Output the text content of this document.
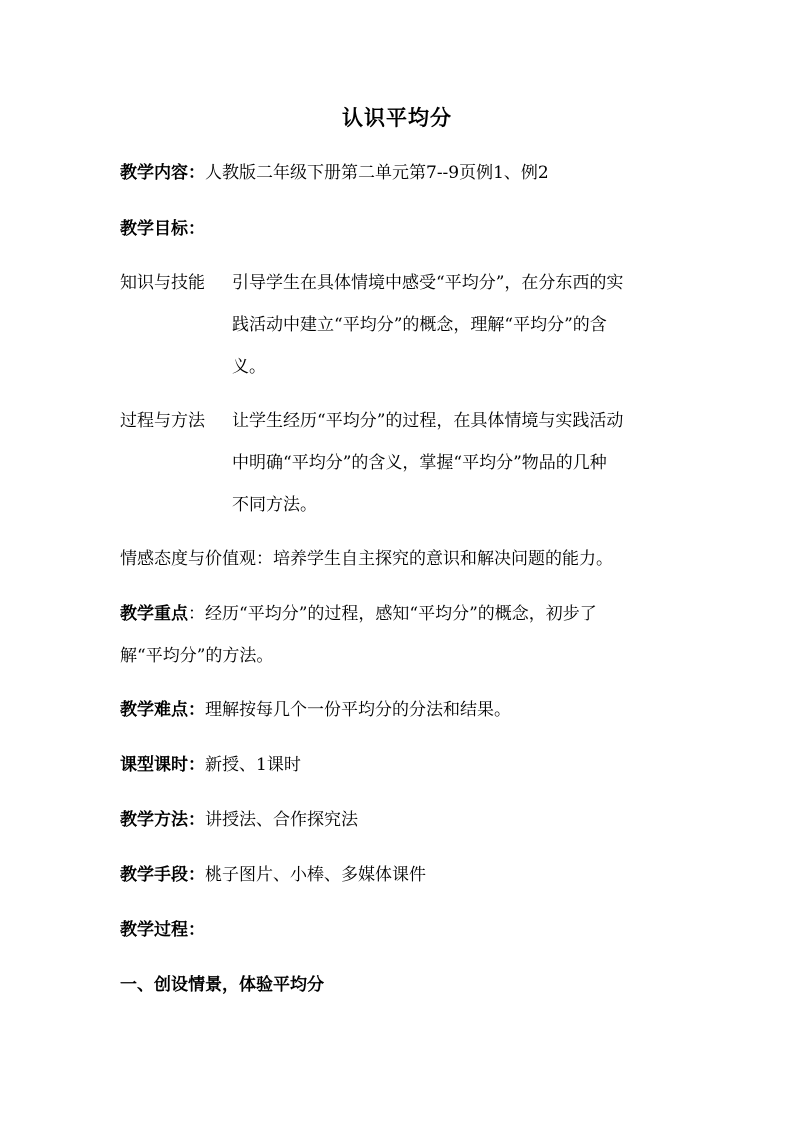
认识平均分
教学内容：人教版二年级下册第二单元第7--9页例1、例2
教学目标：
知识与技能 引导学生在具体情境中感受“平均分”，在分东西的实
践活动中建立“平均分”的概念，理解“平均分”的含
义。
过程与方法 让学生经历“平均分”的过程，在具体情境与实践活动
中明确“平均分”的含义，掌握“平均分”物品的几种
不同方法。
情感态度与价值观：培养学生自主探究的意识和解决问题的能力。
教学重点：经历“平均分”的过程，感知“平均分”的概念，初步了
解“平均分”的方法。
教学难点：理解按每几个一份平均分的分法和结果。
课型课时：新授、1课时
教学方法：讲授法、合作探究法
教学手段：桃子图片、小棒、多媒体课件
教学过程：
一、创设情景，体验平均分
